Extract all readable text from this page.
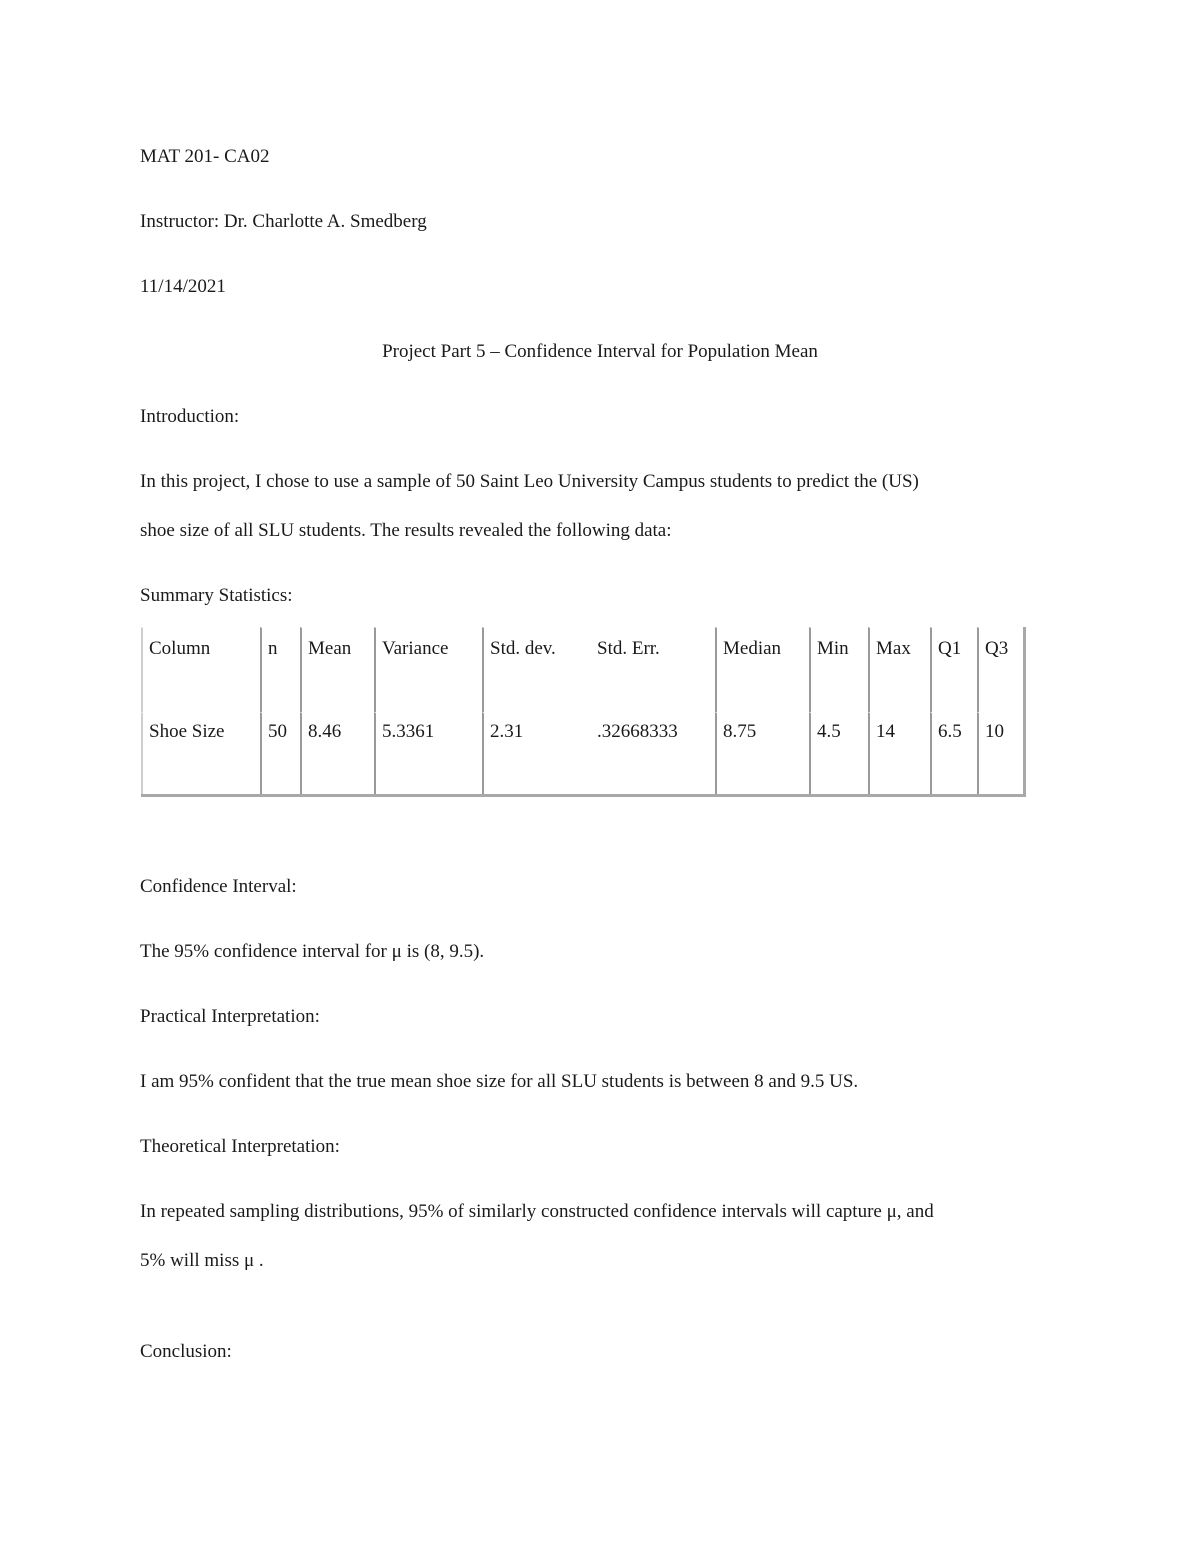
MAT 201- CA02
Instructor: Dr. Charlotte A. Smedberg
11/14/2021
Project Part 5 – Confidence Interval for Population Mean
Introduction:
In this project, I chose to use a sample of 50 Saint Leo University Campus students to predict the (US)
shoe size of all SLU students. The results revealed the following data:
Summary Statistics:
Column	n	Mean	Variance	Std. dev.	Std. Err.	Median	Min	Max	Q1	Q3
Shoe Size	50	8.46	5.3361	2.31	.32668333	8.75	4.5	14	6.5	10
Confidence Interval:
The 95% confidence interval for μ is (8, 9.5).
Practical Interpretation:
I am 95% confident that the true mean shoe size for all SLU students is between 8 and 9.5 US.
Theoretical Interpretation:
In repeated sampling distributions, 95% of similarly constructed confidence intervals will capture μ, and
5% will miss μ .
Conclusion:
